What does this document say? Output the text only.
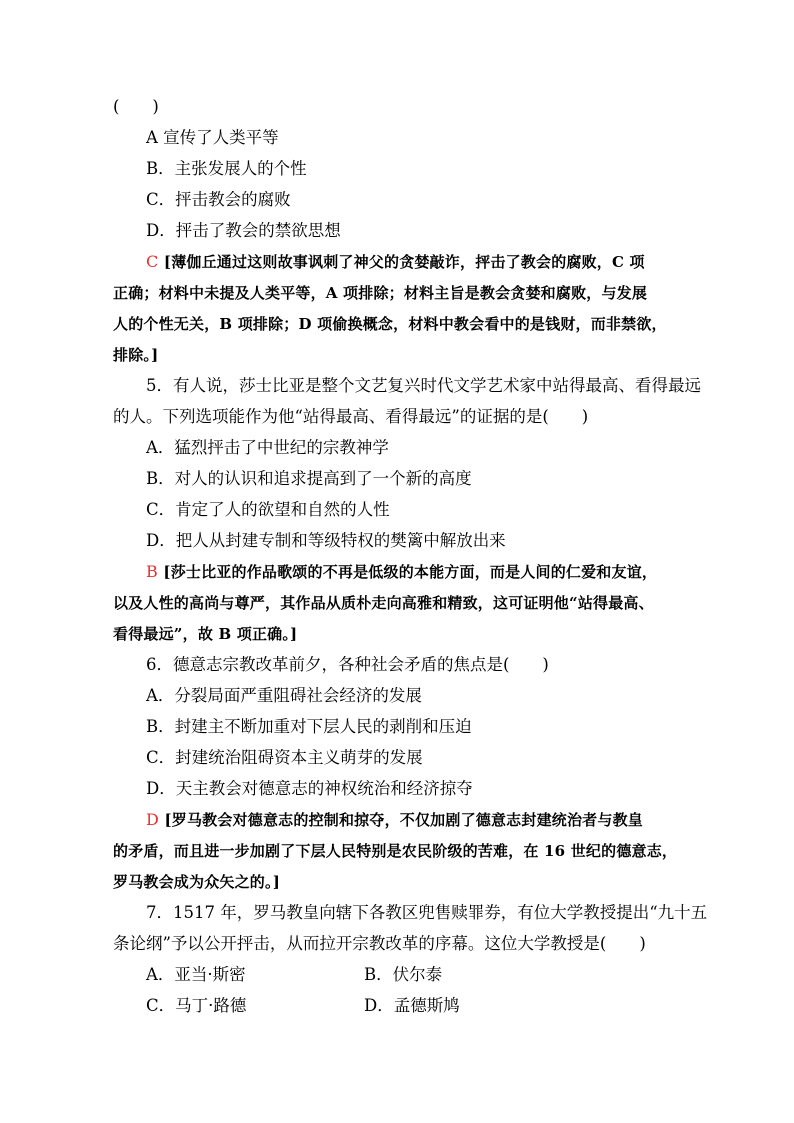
(　　)
A 宣传了人类平等
B．主张发展人的个性
C．抨击教会的腐败
D．抨击了教会的禁欲思想
C [薄伽丘通过这则故事讽刺了神父的贪婪敲诈，抨击了教会的腐败，C 项
正确；材料中未提及人类平等，A 项排除；材料主旨是教会贪婪和腐败，与发展
人的个性无关，B 项排除；D 项偷换概念，材料中教会看中的是钱财，而非禁欲，
排除。]
5．有人说，莎士比亚是整个文艺复兴时代文学艺术家中站得最高、看得最远
的人。下列选项能作为他“站得最高、看得最远”的证据的是(　　)
A．猛烈抨击了中世纪的宗教神学
B．对人的认识和追求提高到了一个新的高度
C．肯定了人的欲望和自然的人性
D．把人从封建专制和等级特权的樊篱中解放出来
B [莎士比亚的作品歌颂的不再是低级的本能方面，而是人间的仁爱和友谊，
以及人性的高尚与尊严，其作品从质朴走向高雅和精致，这可证明他“站得最高、
看得最远”，故 B 项正确。]
6．德意志宗教改革前夕，各种社会矛盾的焦点是(　　)
A．分裂局面严重阻碍社会经济的发展
B．封建主不断加重对下层人民的剥削和压迫
C．封建统治阻碍资本主义萌芽的发展
D．天主教会对德意志的神权统治和经济掠夺
D [罗马教会对德意志的控制和掠夺，不仅加剧了德意志封建统治者与教皇
的矛盾，而且进一步加剧了下层人民特别是农民阶级的苦难，在 16 世纪的德意志，
罗马教会成为众矢之的。]
7．1517 年，罗马教皇向辖下各教区兜售赎罪券，有位大学教授提出“九十五
条论纲”予以公开抨击，从而拉开宗教改革的序幕。这位大学教授是(　　)
A．亚当·斯密	B．伏尔泰
C．马丁·路德	D．孟德斯鸠
